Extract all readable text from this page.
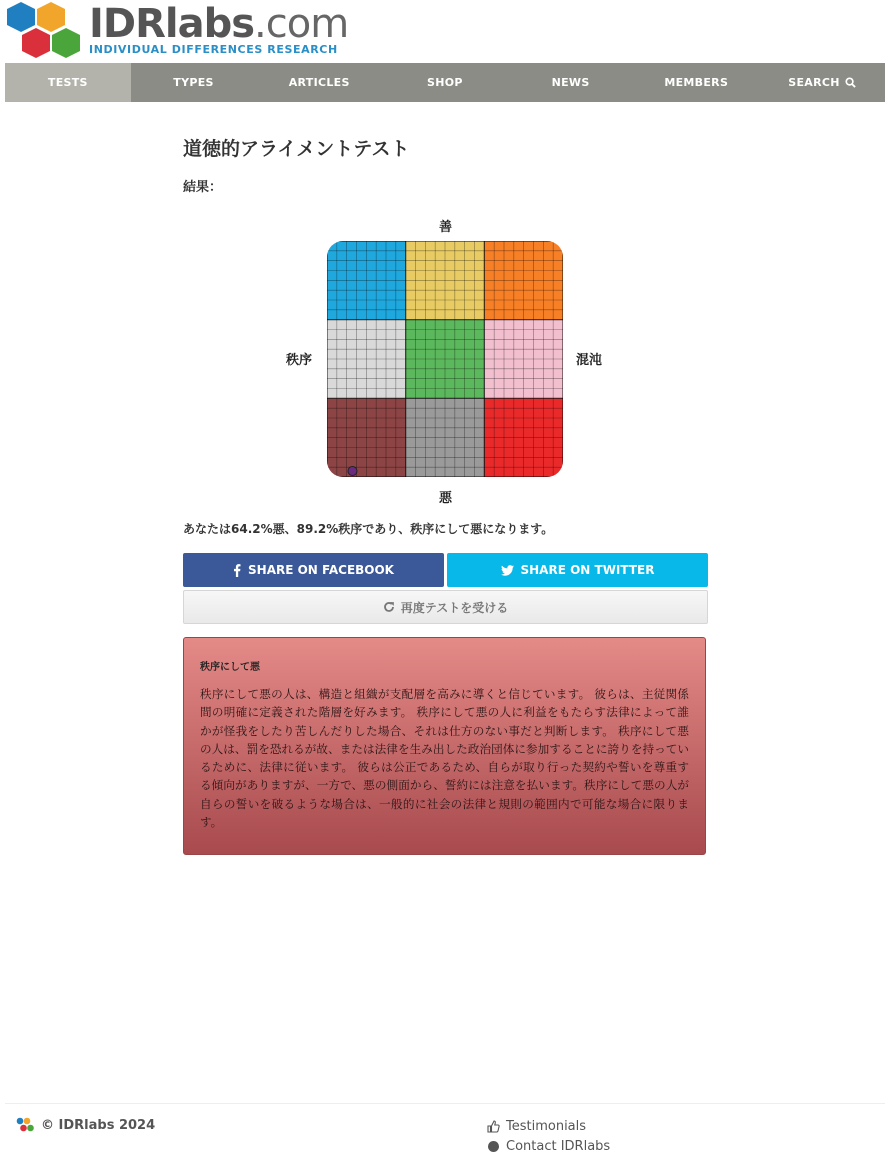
IDRlabs.com
INDIVIDUAL DIFFERENCES RESEARCH
TESTS	TYPES	ARTICLES	SHOP	NEWS	MEMBERS	SEARCH
道徳的アライメントテスト
結果：
善
秩序	混沌
悪
あなたは64.2%悪、89.2%秩序であり、秩序にして悪になります。
SHARE ON FACEBOOK	SHARE ON TWITTER
再度テストを受ける
秩序にして悪
秩序にして悪の人は、構造と組織が支配層を高みに導くと信じています。 彼らは、主従関係間の明確に定義された階層を好みます。 秩序にして悪の人に利益をもたらす法律によって誰かが怪我をしたり苦しんだりした場合、それは仕方のない事だと判断します。 秩序にして悪の人は、罰を恐れるが故、または法律を生み出した政治団体に参加することに誇りを持っているために、法律に従います。 彼らは公正であるため、自らが取り行った契約や誓いを尊重する傾向がありますが、一方で、悪の側面から、誓約には注意を払います。秩序にして悪の人が自らの誓いを破るような場合は、一般的に社会の法律と規則の範囲内で可能な場合に限ります。
© IDRlabs 2024	Testimonials
Contact IDRlabs
